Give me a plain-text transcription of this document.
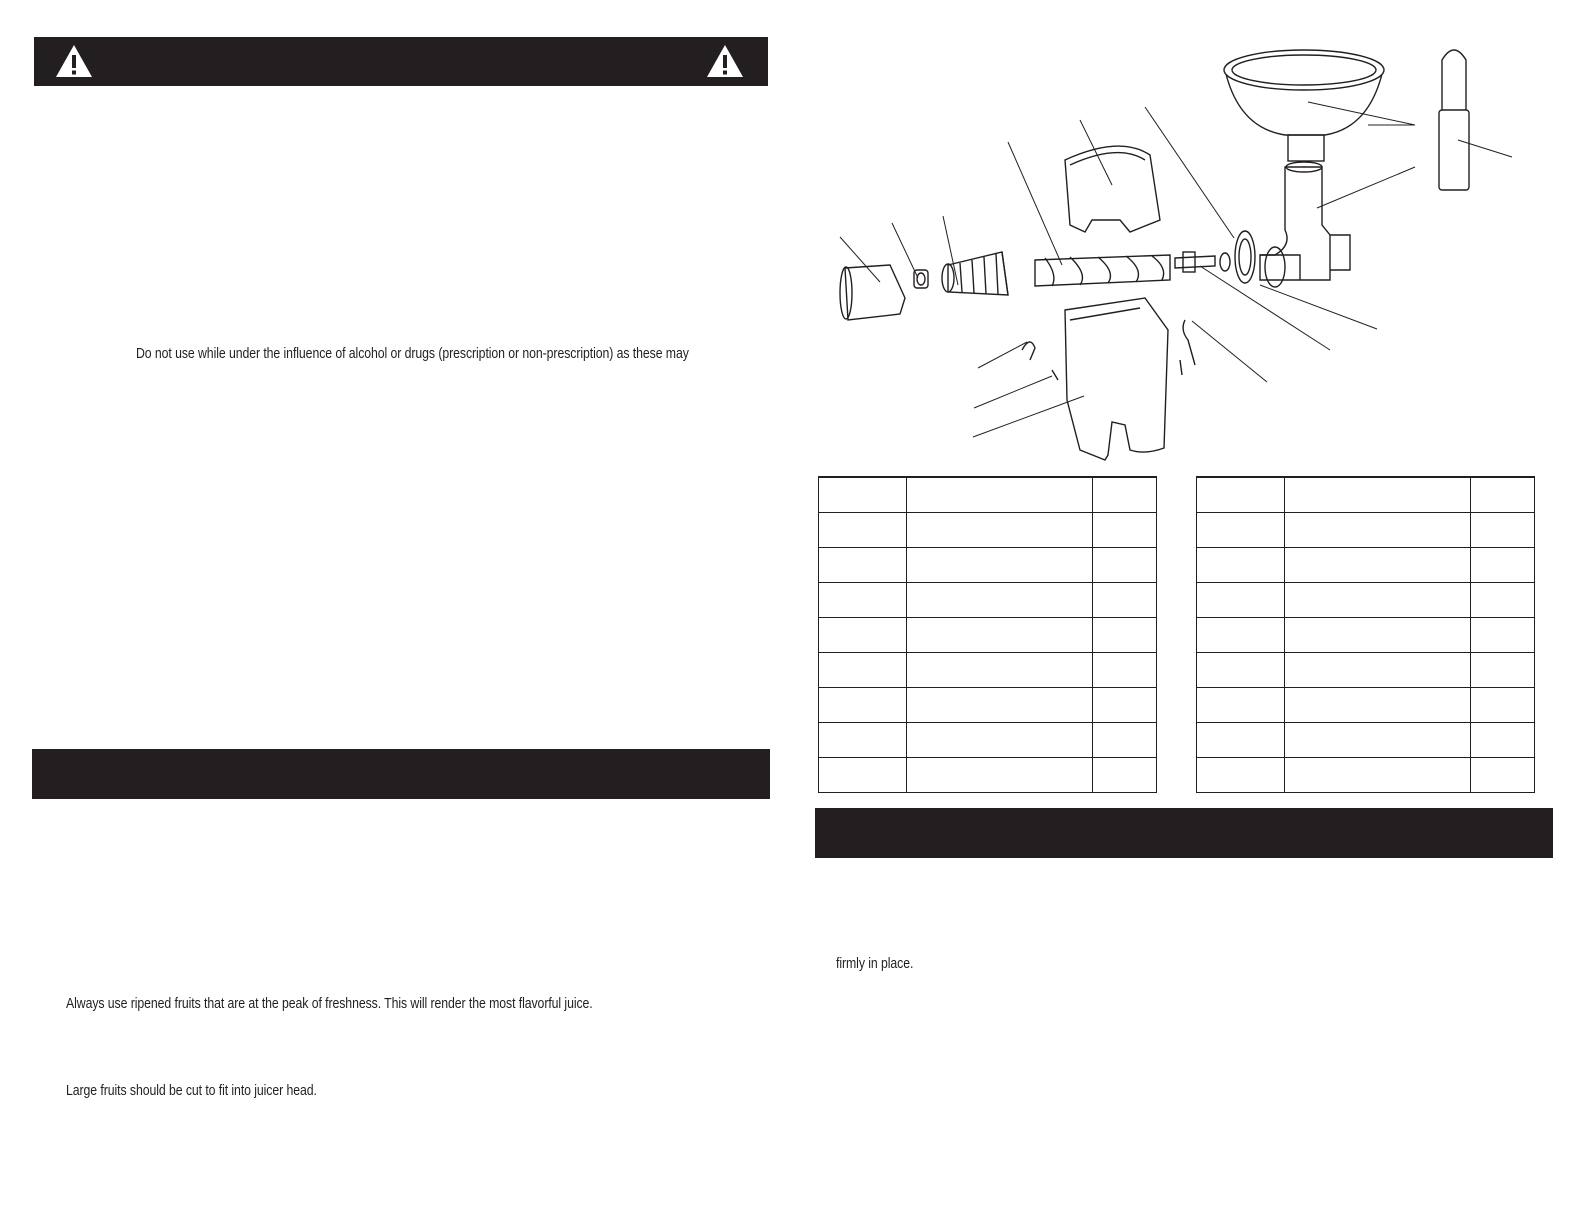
Do not use while under the influence of alcohol or drugs (prescription or non-prescription) as these may
Always use ripened fruits that are at the peak of freshness. This will render the most flavorful juice.
Large fruits should be cut to fit into juicer head.

firmly in place.
